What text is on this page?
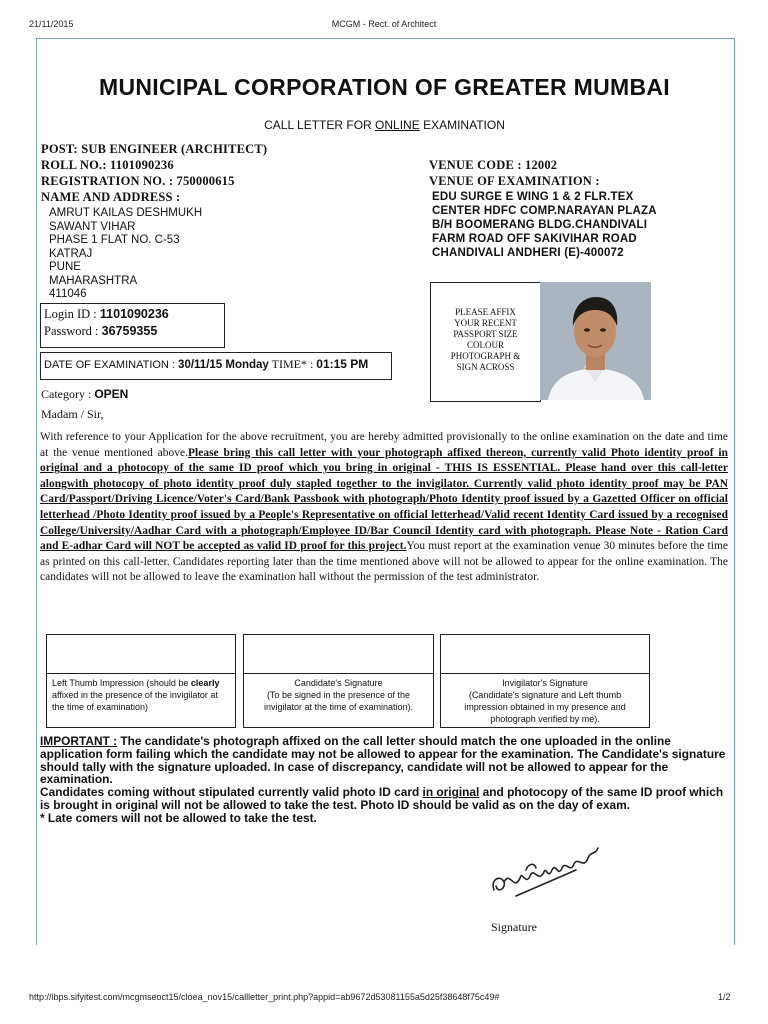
21/11/2015	MCGM - Rect. of Architect
MUNICIPAL CORPORATION OF GREATER MUMBAI
CALL LETTER FOR ONLINE EXAMINATION
POST: SUB ENGINEER (ARCHITECT)
ROLL NO.: 1101090236
REGISTRATION NO. : 750000615
NAME AND ADDRESS :
AMRUT KAILAS DESHMUKH
SAWANT VIHAR
PHASE 1 FLAT NO. C-53
KATRAJ
PUNE
MAHARASHTRA
411046
VENUE CODE : 12002
VENUE OF EXAMINATION :
EDU SURGE E WING 1 & 2 FLR.TEX
CENTER HDFC COMP.NARAYAN PLAZA
B/H BOOMERANG BLDG.CHANDIVALI
FARM ROAD OFF SAKIVIHAR ROAD
CHANDIVALI ANDHERI (E)-400072
Login ID : 1101090236
Password : 36759355
DATE OF EXAMINATION : 30/11/15 Monday TIME* : 01:15 PM
PLEASE AFFIX
YOUR RECENT
PASSPORT SIZE
COLOUR
PHOTOGRAPH &
SIGN ACROSS
Category : OPEN
Madam / Sir,
With reference to your Application for the above recruitment, you are hereby admitted provisionally to the online examination on the date and time at the venue mentioned above.Please bring this call letter with your photograph affixed thereon, currently valid Photo identity proof in original and a photocopy of the same ID proof which you bring in original - THIS IS ESSENTIAL. Please hand over this call-letter alongwith photocopy of photo identity proof duly stapled together to the invigilator. Currently valid photo identity proof may be PAN Card/Passport/Driving Licence/Voter's Card/Bank Passbook with photograph/Photo Identity proof issued by a Gazetted Officer on official letterhead /Photo Identity proof issued by a People's Representative on official letterhead/Valid recent Identity Card issued by a recognised College/University/Aadhar Card with a photograph/Employee ID/Bar Council Identity card with photograph. Please Note - Ration Card and E-adhar Card will NOT be accepted as valid ID proof for this project.You must report at the examination venue 30 minutes before the time as printed on this call-letter. Candidates reporting later than the time mentioned above will not be allowed to appear for the online examination. The candidates will not be allowed to leave the examination hall without the permission of the test administrator.
Left Thumb Impression (should be clearly affixed in the presence of the invigilator at the time of examination)
Candidate's Signature
(To be signed in the presence of the invigilator at the time of examination).
Invigilator's Signature
(Candidate's signature and Left thumb impression obtained in my presence and photograph verified by me).
IMPORTANT : The candidate's photograph affixed on the call letter should match the one uploaded in the online application form failing which the candidate may not be allowed to appear for the examination. The Candidate's signature should tally with the signature uploaded. In case of discrepancy, candidate will not be allowed to appear for the examination.
Candidates coming without stipulated currently valid photo ID card in original and photocopy of the same ID proof which is brought in original will not be allowed to take the test. Photo ID should be valid as on the day of exam.
* Late comers will not be allowed to take the test.
Signature
http://ibps.sifyitest.com/mcgmseoct15/cloea_nov15/callletter_print.php?appid=ab9672d53081155a5d25f38648f75c49#	1/2
